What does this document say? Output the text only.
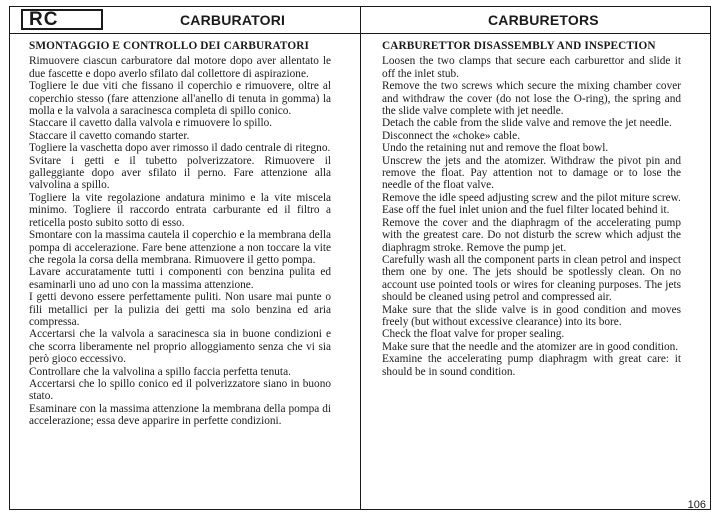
RC	CARBURATORI	CARBURETORS
SMONTAGGIO E CONTROLLO DEI CARBURATORI

Rimuovere ciascun carburatore dal motore dopo aver allentato le due fascette e dopo averlo sfilato dal collettore di aspirazione.

Togliere le due viti che fissano il coperchio e rimuovere, oltre al coperchio stesso (fare attenzione all'anello di tenuta in gomma) la molla e la valvola a saracinesca completa di spillo conico.

Staccare il cavetto dalla valvola e rimuovere lo spillo.

Staccare il cavetto comando starter.

Togliere la vaschetta dopo aver rimosso il dado centrale di ritegno.

Svitare i getti e il tubetto polverizzatore. Rimuovere il galleggiante dopo aver sfilato il perno. Fare attenzione alla valvolina a spillo.

Togliere la vite regolazione andatura minimo e la vite miscela minimo. Togliere il raccordo entrata carburante ed il filtro a reticella posto subito sotto di esso.

Smontare con la massima cautela il coperchio e la membrana della pompa di accelerazione. Fare bene attenzione a non toccare la vite che regola la corsa della membrana. Rimuovere il getto pompa.

Lavare accuratamente tutti i componenti con benzina pulita ed esaminarli uno ad uno con la massima attenzione.

I getti devono essere perfettamente puliti. Non usare mai punte o fili metallici per la pulizia dei getti ma solo benzina ed aria compressa.

Accertarsi che la valvola a saracinesca sia in buone condizioni e che scorra liberamente nel proprio alloggiamento senza che vi sia però gioco eccessivo.

Controllare che la valvolina a spillo faccia perfetta tenuta.

Accertarsi che lo spillo conico ed il polverizzatore siano in buono stato.

Esaminare con la massima attenzione la membrana della pompa di accelerazione; essa deve apparire in perfette condizioni.

CARBURETTOR DISASSEMBLY AND INSPECTION

Loosen the two clamps that secure each carburettor and slide it off the inlet stub.

Remove the two screws which secure the mixing chamber cover and withdraw the cover (do not lose the O-ring), the spring and the slide valve complete with jet needle.

Detach the cable from the slide valve and remove the jet needle.

Disconnect the «choke» cable.

Undo the retaining nut and remove the float bowl.

Unscrew the jets and the atomizer. Withdraw the pivot pin and remove the float. Pay attention not to damage or to lose the needle of the float valve.

Remove the idle speed adjusting screw and the pilot miture screw.

Ease off the fuel inlet union and the fuel filter located behind it.

Remove the cover and the diaphragm of the accelerating pump with the greatest care. Do not disturb the screw which adjust the diaphragm stroke. Remove the pump jet.

Carefully wash all the component parts in clean petrol and inspect them one by one. The jets should be spotlessly clean. On no account use pointed tools or wires for cleaning purposes. The jets should be cleaned using petrol and compressed air.

Make sure that the slide valve is in good condition and moves freely (but without excessive clearance) into its bore.

Check the float valve for proper sealing.

Make sure that the needle and the atomizer are in good condition.

Examine the accelerating pump diaphragm with great care: it should be in sound condition.

106
